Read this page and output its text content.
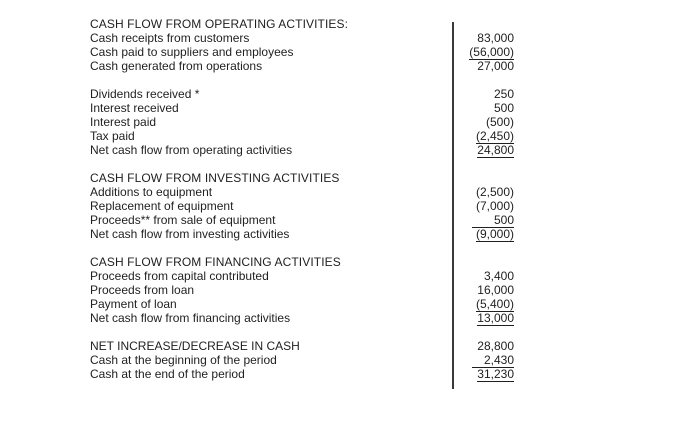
CASH FLOW FROM OPERATING ACTIVITIES:
Cash receipts from customers	83,000
Cash paid to suppliers and employees	(56,000)
Cash generated from operations	27,000
Dividends received *	250
Interest received	500
Interest paid	(500)
Tax paid	(2,450)
Net cash flow from operating activities	24,800
CASH FLOW FROM INVESTING ACTIVITIES
Additions to equipment	(2,500)
Replacement of equipment	(7,000)
Proceeds** from sale of equipment	500
Net cash flow from investing activities	(9,000)
CASH FLOW FROM FINANCING ACTIVITIES
Proceeds from capital contributed	3,400
Proceeds from loan	16,000
Payment of loan	(5,400)
Net cash flow from financing activities	13,000
NET INCREASE/DECREASE IN CASH	28,800
Cash at the beginning of the period	2,430
Cash at the end of the period	31,230
